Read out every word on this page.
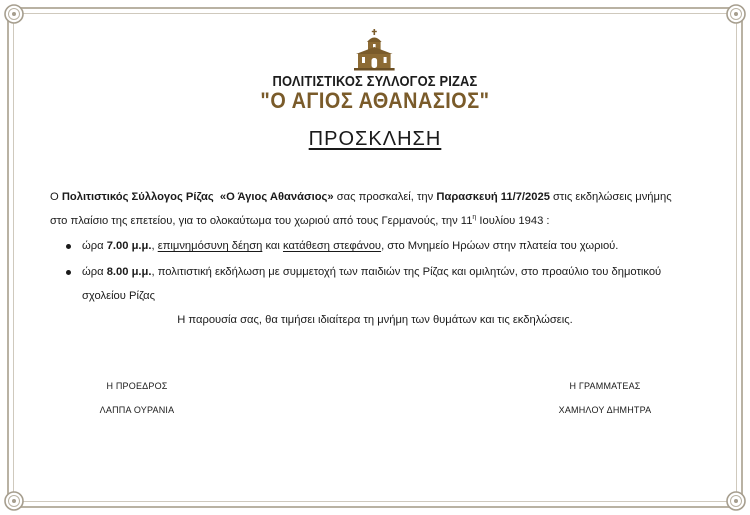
ΠΟΛΙΤΙΣΤΙΚΟΣ ΣΥΛΛΟΓΟΣ ΡΙΖΑΣ
"Ο ΑΓΙΟΣ ΑΘΑΝΑΣΙΟΣ"
ΠΡΟΣΚΛΗΣΗ
Ο Πολιτιστικός Σύλλογος Ρίζας «Ο Άγιος Αθανάσιος» σας προσκαλεί, την Παρασκευή 11/7/2025 στις εκδηλώσεις μνήμης
στο πλαίσιο της επετείου, για το ολοκαύτωμα του χωριού από τους Γερμανούς, την $11^\eta$ Ιουλίου 1943 :
ώρα 7.00 μ.μ., επιμνημόσυνη δέηση και κατάθεση στεφάνου, στο Μνημείο Ηρώων στην πλατεία του χωριού.
ώρα 8.00 μ.μ., πολιτιστική εκδήλωση με συμμετοχή των παιδιών της Ρίζας και ομιλητών, στο προαύλιο του δημοτικού
σχολείου Ρίζας
Η παρουσία σας, θα τιμήσει ιδιαίτερα τη μνήμη των θυμάτων και τις εκδηλώσεις.
Η ΠΡΟΕΔΡΟΣ
ΛΑΠΠΑ ΟΥΡΑΝΙΑ
Η ΓΡΑΜΜΑΤΕΑΣ
ΧΑΜΗΛΟΥ ΔΗΜΗΤΡΑ
